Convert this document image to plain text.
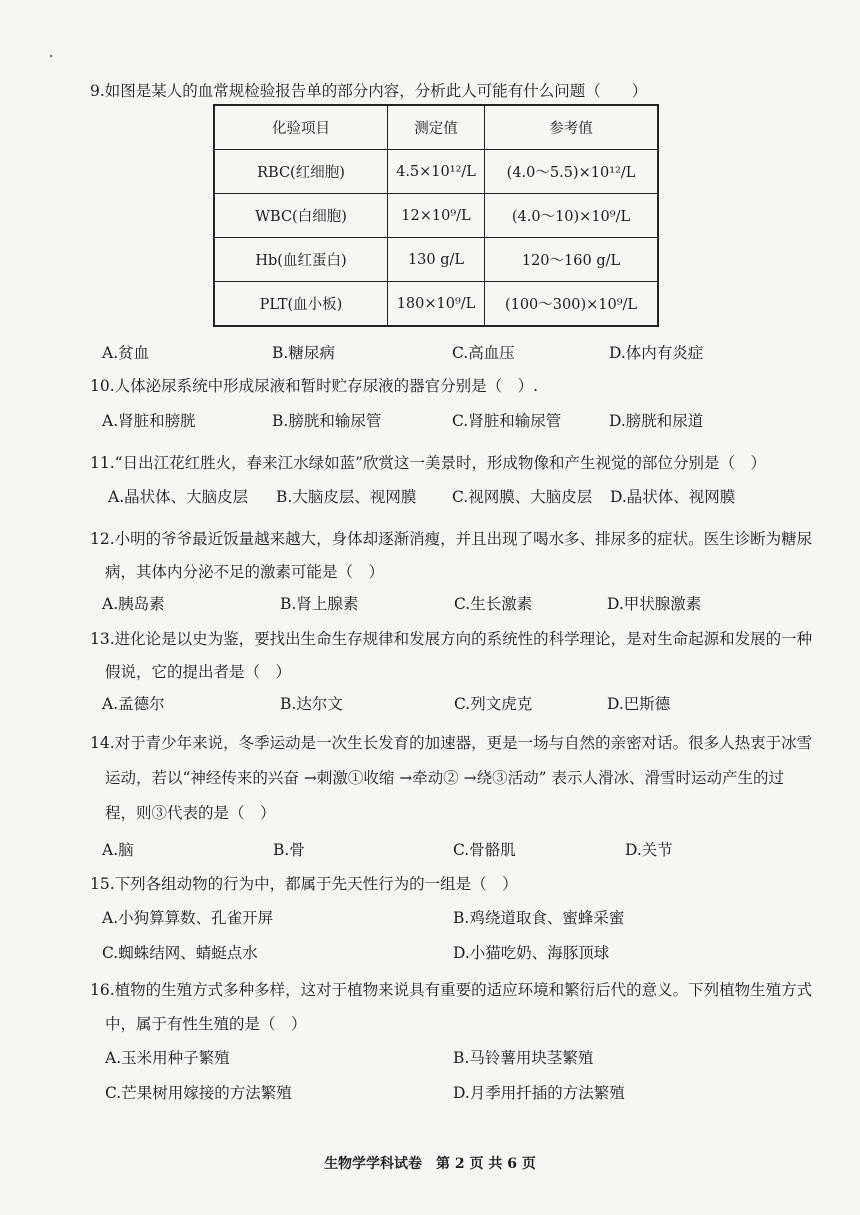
9.如图是某人的血常规检验报告单的部分内容，分析此人可能有什么问题（　　）
化验项目	测定值	参考值
RBC(红细胞)	4.5×10¹²/L	(4.0～5.5)×10¹²/L
WBC(白细胞)	12×10⁹/L	(4.0～10)×10⁹/L
Hb(血红蛋白)	130 g/L	120～160 g/L
PLT(血小板)	180×10⁹/L	(100～300)×10⁹/L
A.贫血	B.糖尿病	C.高血压	D.体内有炎症
10.人体泌尿系统中形成尿液和暂时贮存尿液的器官分别是（　）.
A.肾脏和膀胱	B.膀胱和输尿管	C.肾脏和输尿管	D.膀胱和尿道
11.“日出江花红胜火，春来江水绿如蓝”欣赏这一美景时，形成物像和产生视觉的部位分别是（　）
A.晶状体、大脑皮层 B.大脑皮层、视网膜 C.视网膜、大脑皮层 D.晶状体、视网膜
12.小明的爷爷最近饭量越来越大，身体却逐渐消瘦，并且出现了喝水多、排尿多的症状。医生诊断为糖尿
病，其体内分泌不足的激素可能是（　）
A.胰岛素	B.肾上腺素	C.生长激素	D.甲状腺激素
13.进化论是以史为鉴，要找出生命生存规律和发展方向的系统性的科学理论，是对生命起源和发展的一种
假说，它的提出者是（　）
A.孟德尔	B.达尔文	C.列文虎克	D.巴斯德
14.对于青少年来说，冬季运动是一次生长发育的加速器，更是一场与自然的亲密对话。很多人热衷于冰雪
运动，若以“神经传来的兴奋 →刺激①收缩 →牵动② →绕③活动” 表示人滑冰、滑雪时运动产生的过
程，则③代表的是（　）
A.脑	B.骨	C.骨骼肌	D.关节
15.下列各组动物的行为中，都属于先天性行为的一组是（　）
A.小狗算算数、孔雀开屏	B.鸡绕道取食、蜜蜂采蜜
C.蜘蛛结网、蜻蜓点水	D.小猫吃奶、海豚顶球
16.植物的生殖方式多种多样，这对于植物来说具有重要的适应环境和繁衍后代的意义。下列植物生殖方式
中，属于有性生殖的是（　）
A.玉米用种子繁殖	B.马铃薯用块茎繁殖
C.芒果树用嫁接的方法繁殖	D.月季用扦插的方法繁殖
生物学学科试卷　第 2 页 共 6 页
